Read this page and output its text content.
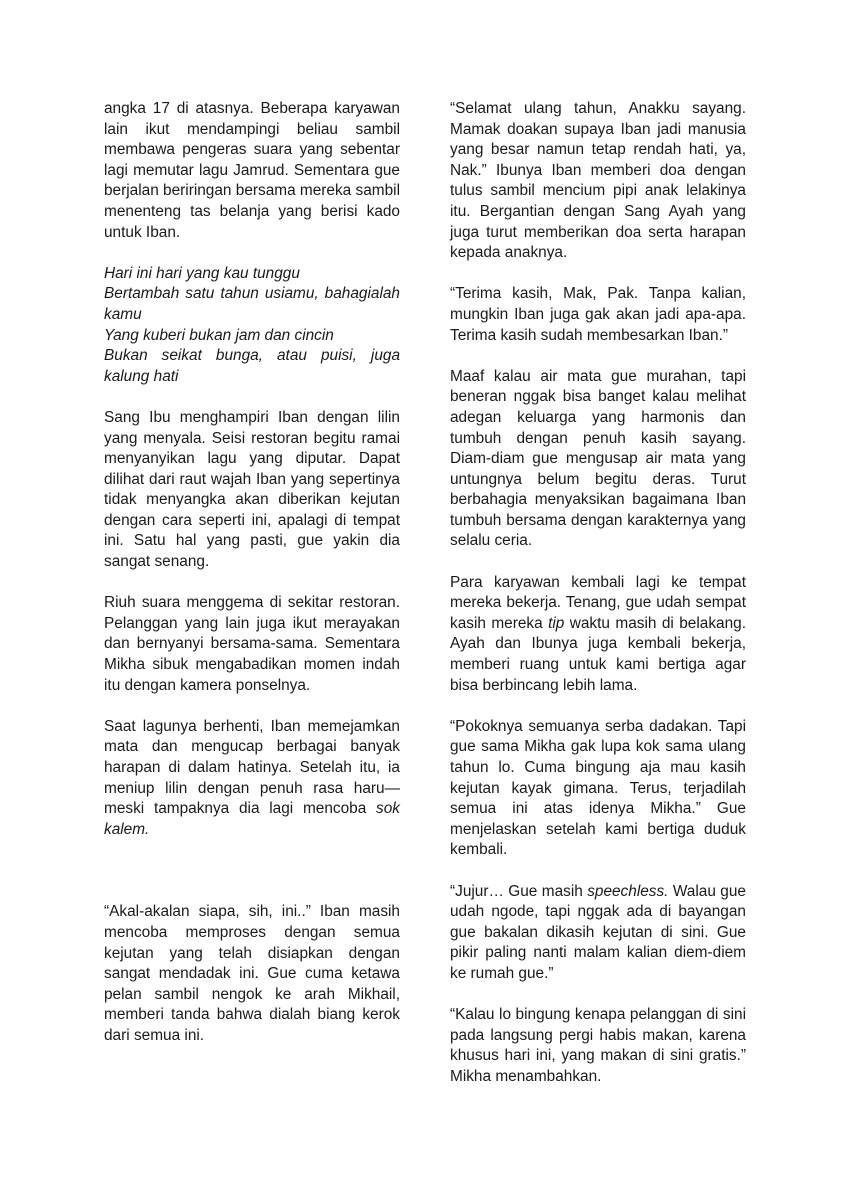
angka 17 di atasnya. Beberapa karyawan lain ikut mendampingi beliau sambil membawa pengeras suara yang sebentar lagi memutar lagu Jamrud. Sementara gue berjalan beriringan bersama mereka sambil menenteng tas belanja yang berisi kado untuk Iban.

Hari ini hari yang kau tunggu
Bertambah satu tahun usiamu, bahagialah kamu
Yang kuberi bukan jam dan cincin
Bukan seikat bunga, atau puisi, juga kalung hati

Sang Ibu menghampiri Iban dengan lilin yang menyala. Seisi restoran begitu ramai menyanyikan lagu yang diputar. Dapat dilihat dari raut wajah Iban yang sepertinya tidak menyangka akan diberikan kejutan dengan cara seperti ini, apalagi di tempat ini. Satu hal yang pasti, gue yakin dia sangat senang.

Riuh suara menggema di sekitar restoran. Pelanggan yang lain juga ikut merayakan dan bernyanyi bersama-sama. Sementara Mikha sibuk mengabadikan momen indah itu dengan kamera ponselnya.

Saat lagunya berhenti, Iban memejamkan mata dan mengucap berbagai banyak harapan di dalam hatinya. Setelah itu, ia meniup lilin dengan penuh rasa haru—meski tampaknya dia lagi mencoba sok kalem.

“Akal-akalan siapa, sih, ini..” Iban masih mencoba memproses dengan semua kejutan yang telah disiapkan dengan sangat mendadak ini. Gue cuma ketawa pelan sambil nengok ke arah Mikhail, memberi tanda bahwa dialah biang kerok dari semua ini.

“Selamat ulang tahun, Anakku sayang. Mamak doakan supaya Iban jadi manusia yang besar namun tetap rendah hati, ya, Nak.” Ibunya Iban memberi doa dengan tulus sambil mencium pipi anak lelakinya itu. Bergantian dengan Sang Ayah yang juga turut memberikan doa serta harapan kepada anaknya.

“Terima kasih, Mak, Pak. Tanpa kalian, mungkin Iban juga gak akan jadi apa-apa. Terima kasih sudah membesarkan Iban.”

Maaf kalau air mata gue murahan, tapi beneran nggak bisa banget kalau melihat adegan keluarga yang harmonis dan tumbuh dengan penuh kasih sayang. Diam-diam gue mengusap air mata yang untungnya belum begitu deras. Turut berbahagia menyaksikan bagaimana Iban tumbuh bersama dengan karakternya yang selalu ceria.

Para karyawan kembali lagi ke tempat mereka bekerja. Tenang, gue udah sempat kasih mereka tip waktu masih di belakang. Ayah dan Ibunya juga kembali bekerja, memberi ruang untuk kami bertiga agar bisa berbincang lebih lama.

“Pokoknya semuanya serba dadakan. Tapi gue sama Mikha gak lupa kok sama ulang tahun lo. Cuma bingung aja mau kasih kejutan kayak gimana. Terus, terjadilah semua ini atas idenya Mikha.” Gue menjelaskan setelah kami bertiga duduk kembali.

“Jujur… Gue masih speechless. Walau gue udah ngode, tapi nggak ada di bayangan gue bakalan dikasih kejutan di sini. Gue pikir paling nanti malam kalian diem-diem ke rumah gue.”

“Kalau lo bingung kenapa pelanggan di sini pada langsung pergi habis makan, karena khusus hari ini, yang makan di sini gratis.” Mikha menambahkan.
